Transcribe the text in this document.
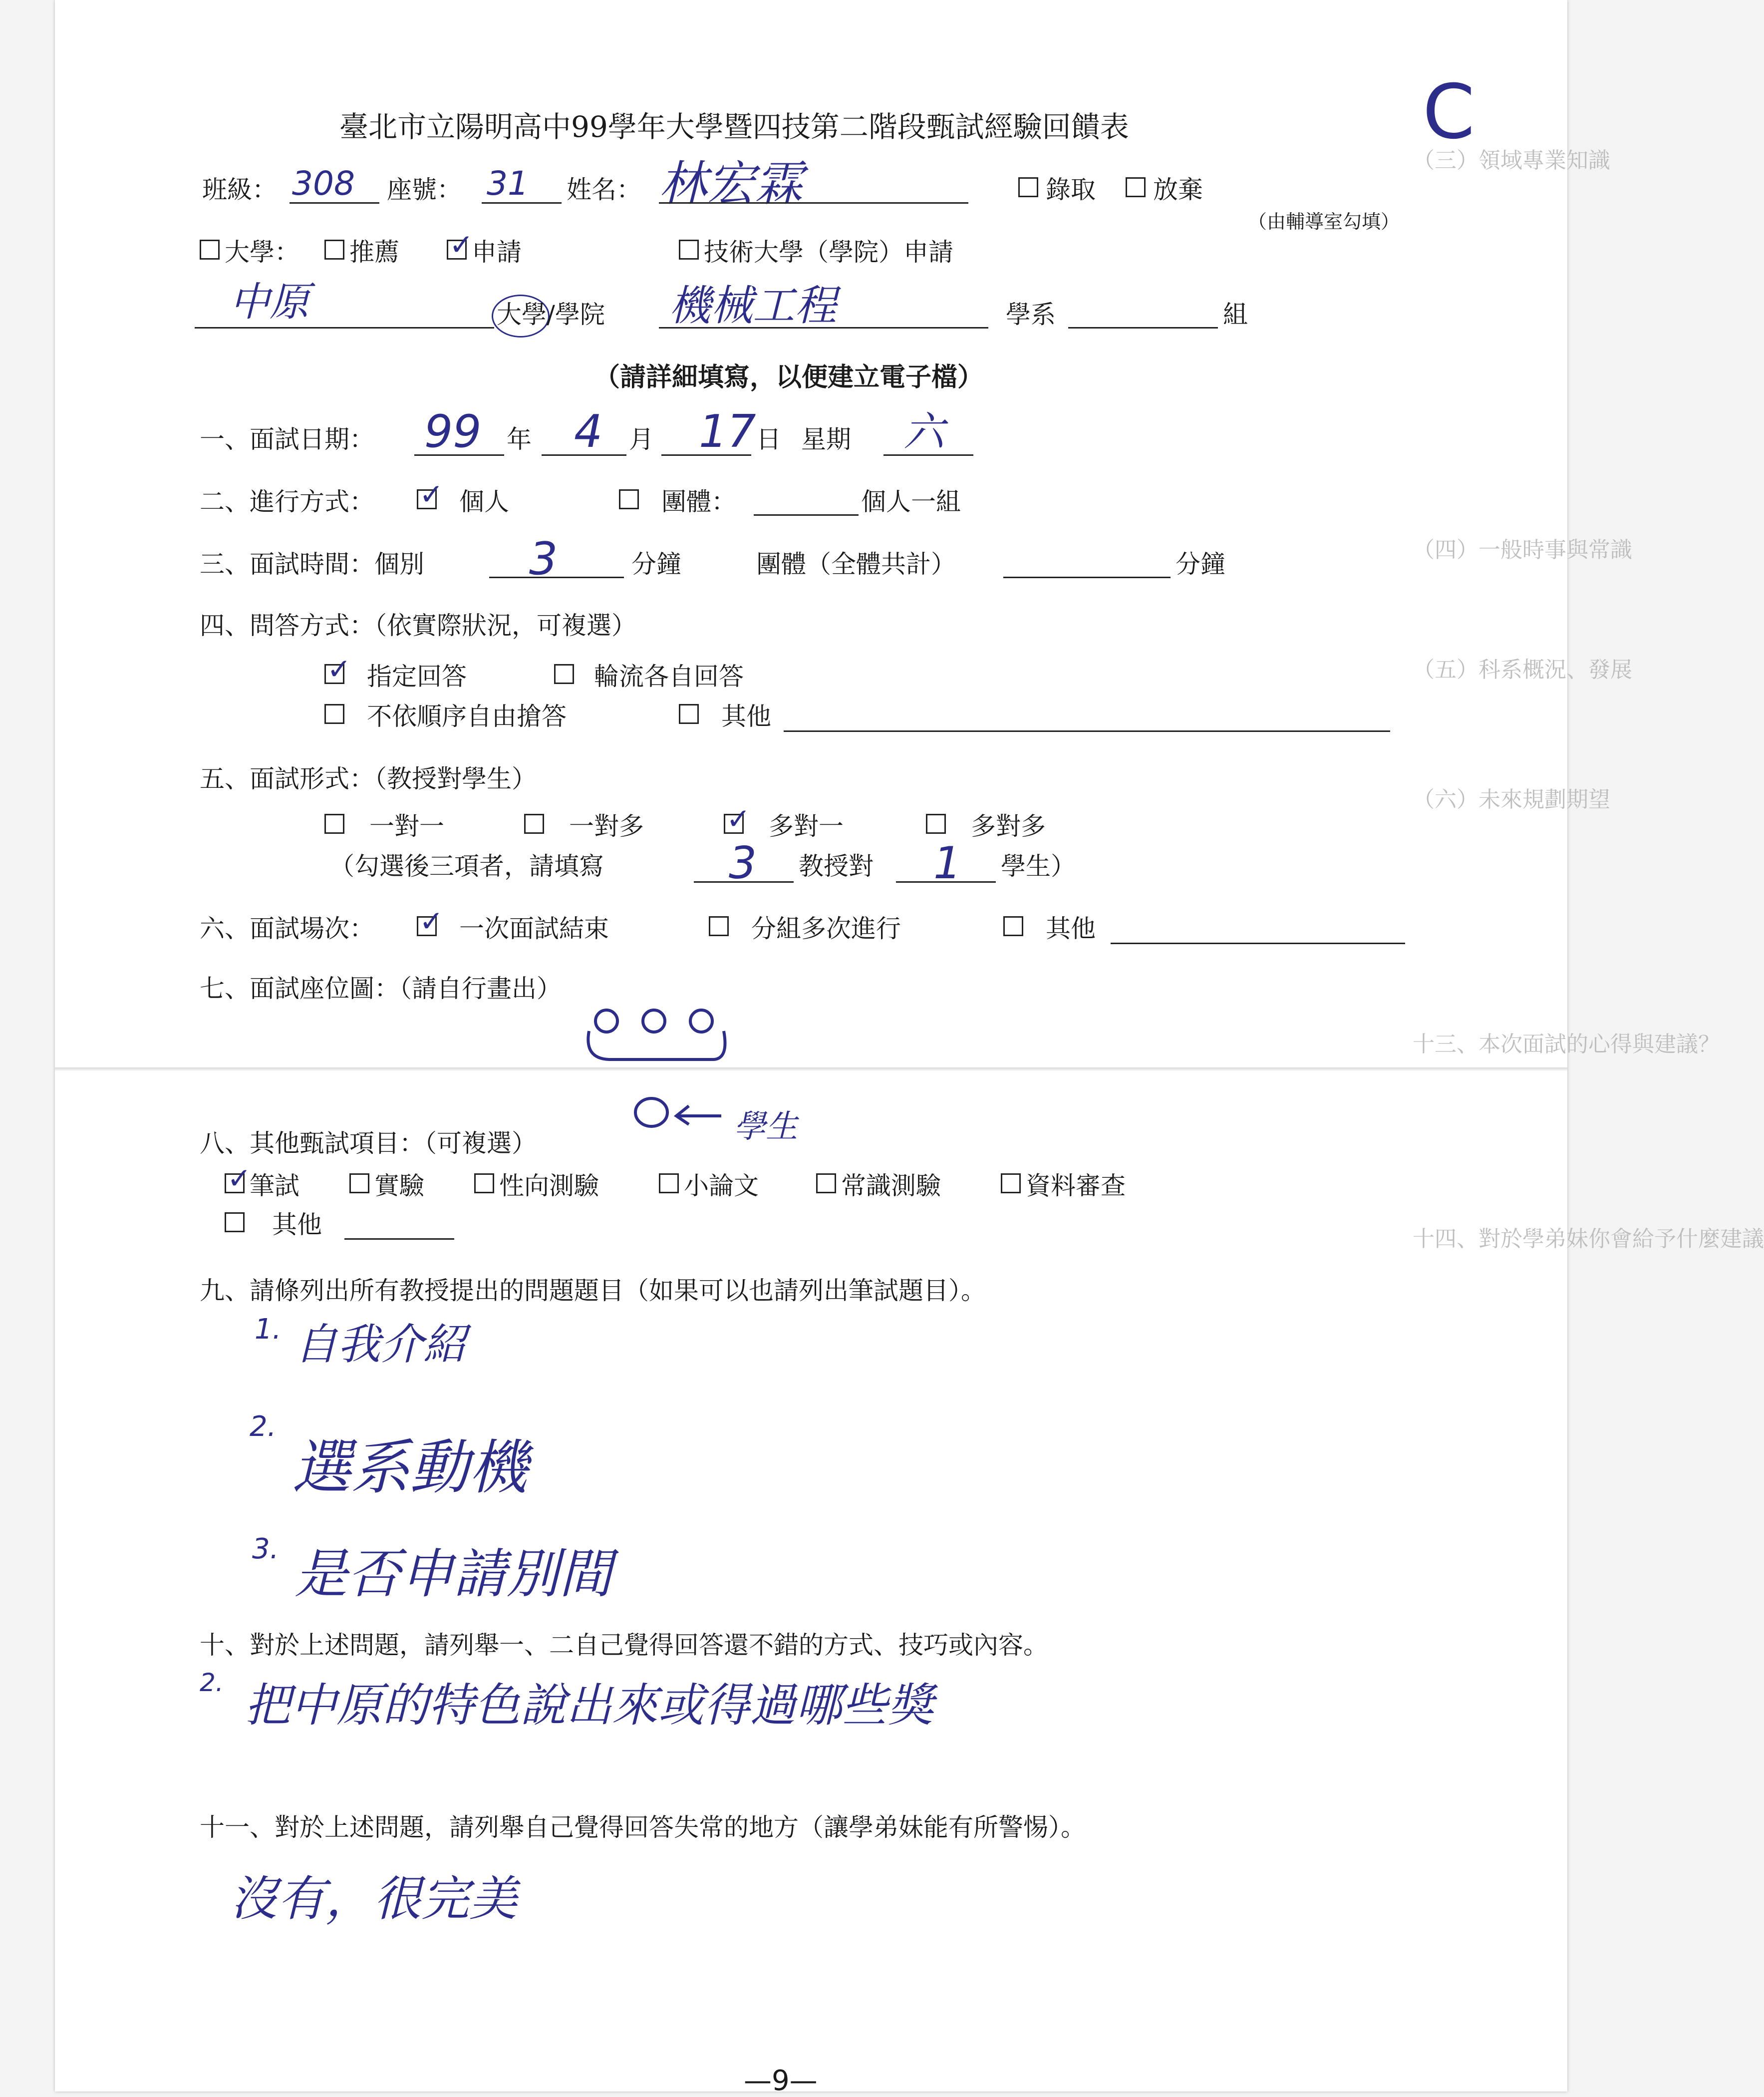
（三）領域專業知識
（四）一般時事與常識
（五）科系概況、發展
（六）未來規劃期望
十三、本次面試的心得與建議？
十四、對於學弟妹你會給予什麼建議
臺北市立陽明高中99學年大學暨四技第二階段甄試經驗回饋表	C
班級： 308 座號： 31 姓名： 林宏霖	錄取 放棄
（由輔導室勾填）
大學： 推薦 ✓
申請	技術大學（學院）申請
中原	大學/學院 機械工程	學系	組
（請詳細填寫，以便建立電子檔）
一、面試日期： 99 年 4 月 17 日 星期 六
二、進行方式： ✓ 個人	團體：	個人一組
三、面試時間：個別 3	分鐘	團體（全體共計）	分鐘
四、問答方式：（依實際狀況，可複選）
✓ 指定回答	輪流各自回答
不依順序自由搶答	其他
五、面試形式：（教授對學生）
一對一	一對多	✓ 多對一	多對多
（勾選後三項者，請填寫	3 教授對 1 學生）
六、面試場次： ✓ 一次面試結束	分組多次進行	其他
七、面試座位圖：（請自行畫出）
學生
八、其他甄試項目：（可複選）
✓
筆試	實驗	性向測驗	小論文	常識測驗	資料審查
其他
九、請條列出所有教授提出的問題題目（如果可以也請列出筆試題目）。
1. 自我介紹
2.
選系動機
3. 是否申請別間
十、對於上述問題，請列舉一、二自己覺得回答還不錯的方式、技巧或內容。
2. 把中原的特色說出來或得過哪些獎
十一、對於上述問題，請列舉自己覺得回答失常的地方（讓學弟妹能有所警惕）。
沒有，很完美
—9—
